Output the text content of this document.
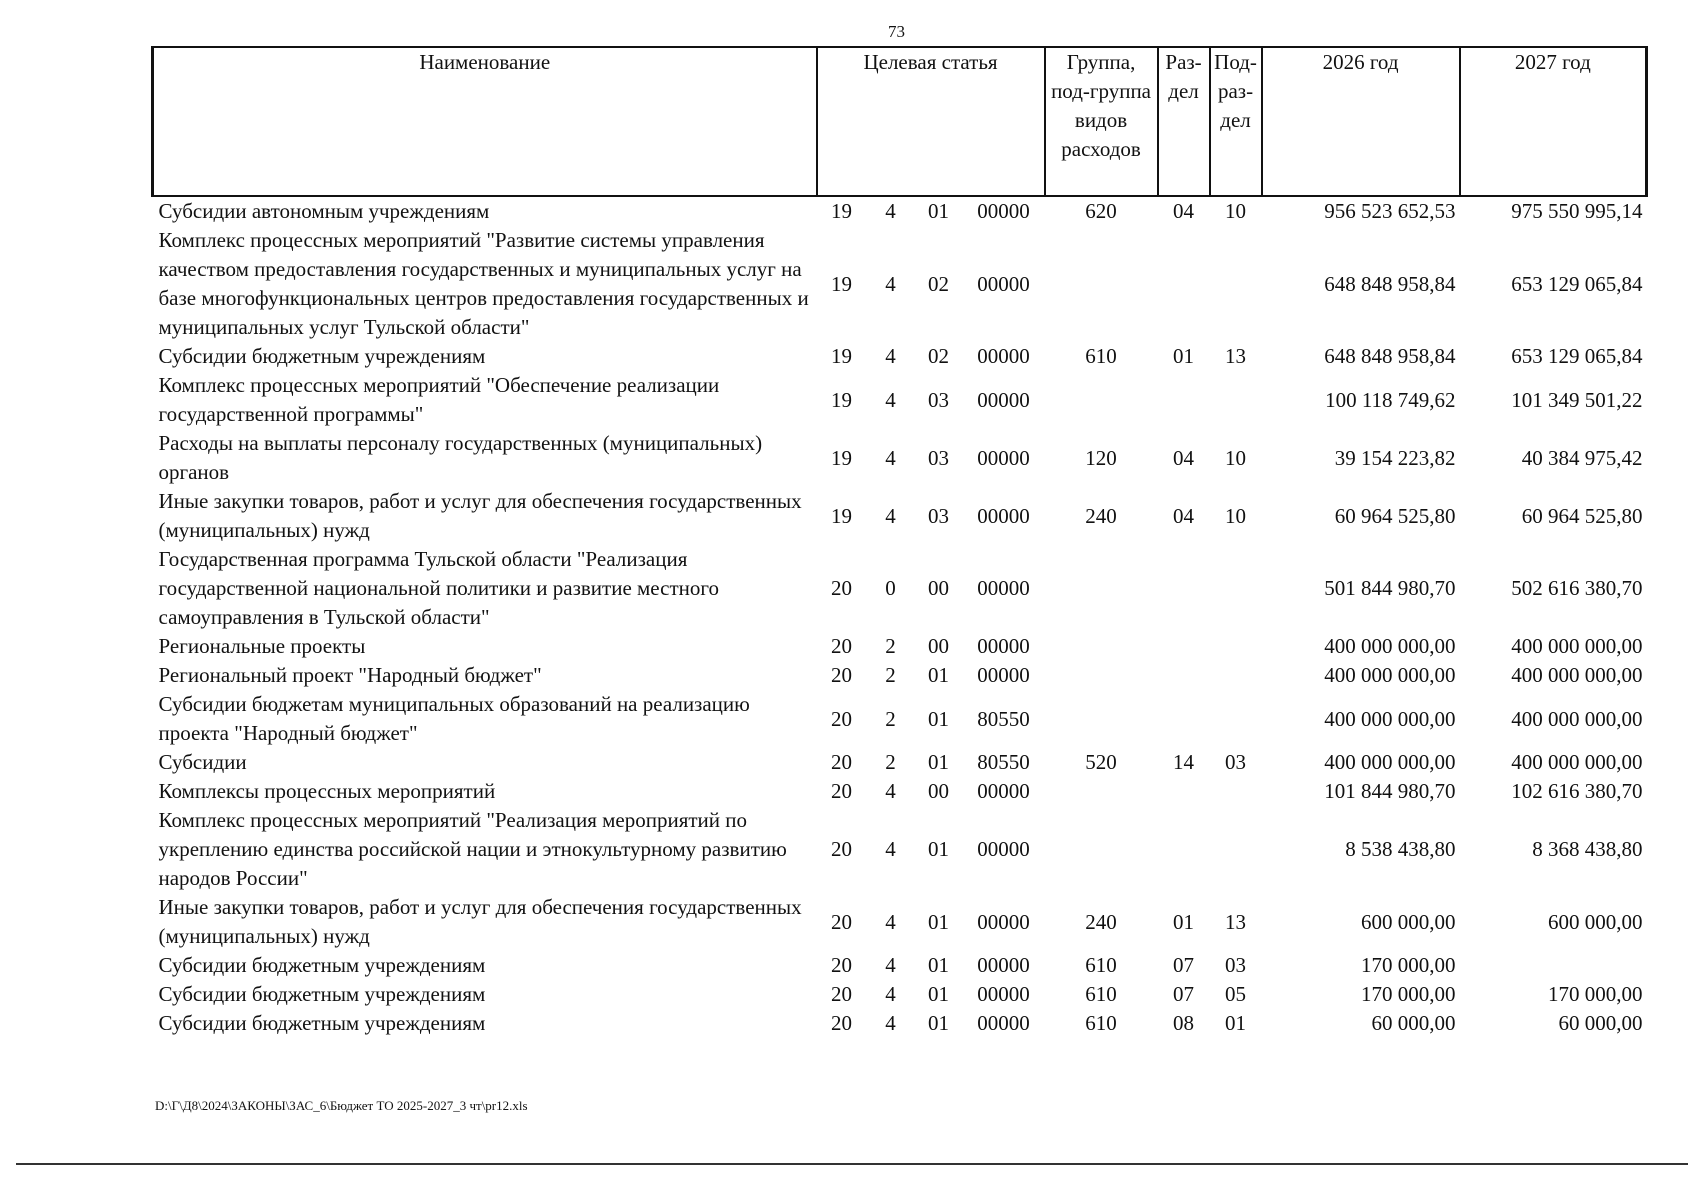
73
Наименование	Целевая статья				Группа, под-группа видов расходов	Раз-дел	Под-раз-дел	2026 год	2027 год
Субсидии автономным учреждениям	19	4	01	00000	620	04	10	956 523 652,53	975 550 995,14
Комплекс процессных мероприятий "Развитие системы управления качеством предоставления государственных и муниципальных услуг на базе многофункциональных центров предоставления государственных и муниципальных услуг Тульской области"	19	4	02	00000				648 848 958,84	653 129 065,84
Субсидии бюджетным учреждениям	19	4	02	00000	610	01	13	648 848 958,84	653 129 065,84
Комплекс процессных мероприятий "Обеспечение реализации государственной программы"	19	4	03	00000				100 118 749,62	101 349 501,22
Расходы на выплаты персоналу государственных (муниципальных) органов	19	4	03	00000	120	04	10	39 154 223,82	40 384 975,42
Иные закупки товаров, работ и услуг для обеспечения государственных (муниципальных) нужд	19	4	03	00000	240	04	10	60 964 525,80	60 964 525,80
Государственная программа Тульской области "Реализация государственной национальной политики и развитие местного самоуправления в Тульской области"	20	0	00	00000				501 844 980,70	502 616 380,70
Региональные проекты	20	2	00	00000				400 000 000,00	400 000 000,00
Региональный проект "Народный бюджет"	20	2	01	00000				400 000 000,00	400 000 000,00
Субсидии бюджетам муниципальных образований на реализацию проекта "Народный бюджет"	20	2	01	80550				400 000 000,00	400 000 000,00
Субсидии	20	2	01	80550	520	14	03	400 000 000,00	400 000 000,00
Комплексы процессных мероприятий	20	4	00	00000				101 844 980,70	102 616 380,70
Комплекс процессных мероприятий "Реализация мероприятий по укреплению единства российской нации и этнокультурному развитию народов России"	20	4	01	00000				8 538 438,80	8 368 438,80
Иные закупки товаров, работ и услуг для обеспечения государственных (муниципальных) нужд	20	4	01	00000	240	01	13	600 000,00	600 000,00
Субсидии бюджетным учреждениям	20	4	01	00000	610	07	03	170 000,00	
Субсидии бюджетным учреждениям	20	4	01	00000	610	07	05	170 000,00	170 000,00
Субсидии бюджетным учреждениям	20	4	01	00000	610	08	01	60 000,00	60 000,00
D:\Г\Д8\2024\ЗАКОНЫ\ЗАС_6\Бюджет ТО 2025-2027_3 чт\pr12.xls
